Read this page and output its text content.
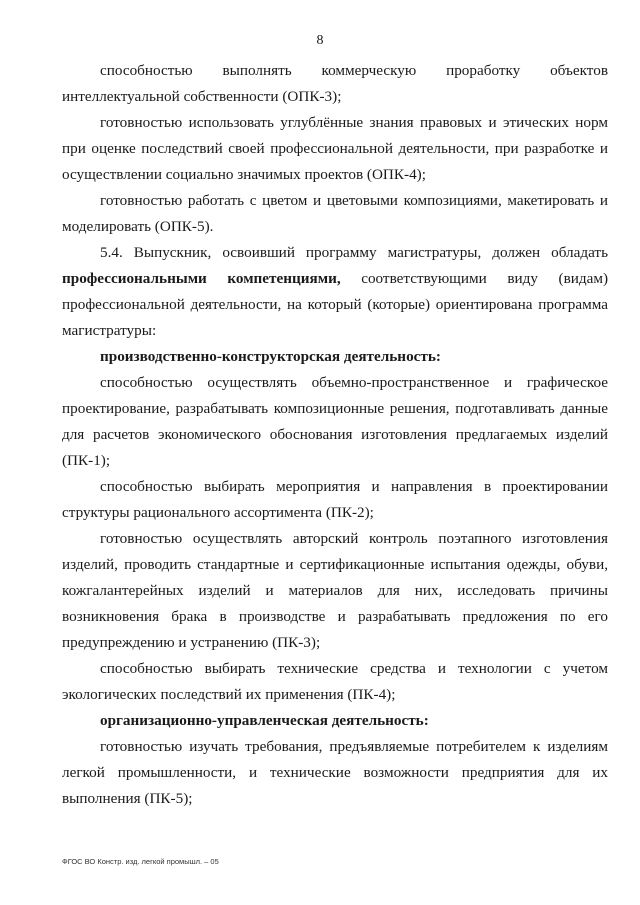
8

способностью выполнять коммерческую проработку объектов интеллектуальной собственности (ОПК-3);

готовностью использовать углублённые знания правовых и этических норм при оценке последствий своей профессиональной деятельности, при разработке и осуществлении социально значимых проектов (ОПК-4);

готовностью работать с цветом и цветовыми композициями, макетировать и моделировать (ОПК-5).

5.4. Выпускник, освоивший программу магистратуры, должен обладать профессиональными компетенциями, соответствующими виду (видам) профессиональной деятельности, на который (которые) ориентирована программа магистратуры:

производственно-конструкторская деятельность:

способностью осуществлять объемно-пространственное и графическое проектирование, разрабатывать композиционные решения, подготавливать данные для расчетов экономического обоснования изготовления предлагаемых изделий (ПК-1);

способностью выбирать мероприятия и направления в проектировании структуры рационального ассортимента (ПК-2);

готовностью осуществлять авторский контроль поэтапного изготовления изделий, проводить стандартные и сертификационные испытания одежды, обуви, кожгалантерейных изделий и материалов для них, исследовать причины возникновения брака в производстве и разрабатывать предложения по его предупреждению и устранению (ПК-3);

способностью выбирать технические средства и технологии с учетом экологических последствий их применения (ПК-4);

организационно-управленческая деятельность:

готовностью изучать требования, предъявляемые потребителем к изделиям легкой промышленности, и технические возможности предприятия для их выполнения (ПК-5);

ФГОС ВО Констр. изд. легкой промышл. – 05
